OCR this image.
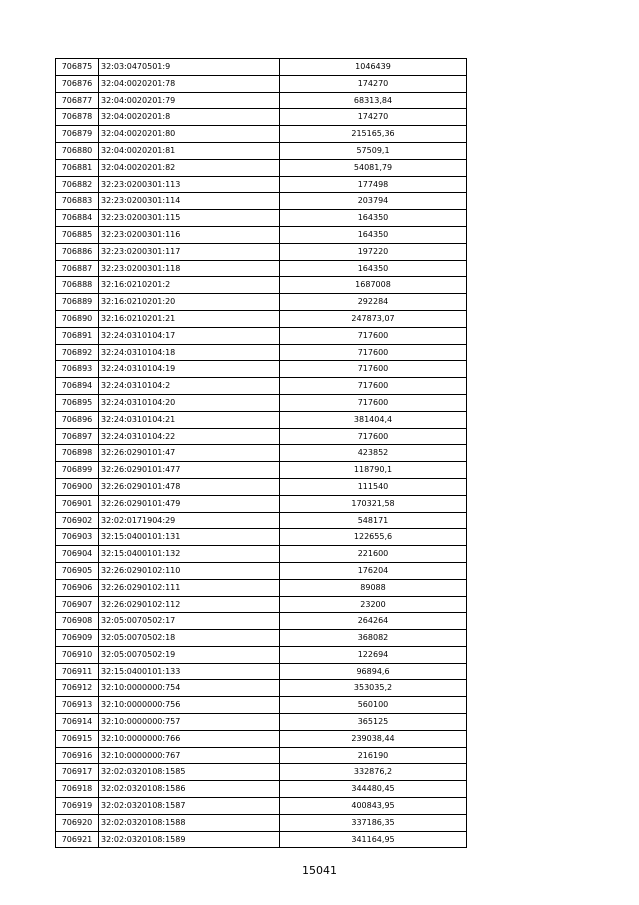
706875	32:03:0470501:9	1046439
706876	32:04:0020201:78	174270
706877	32:04:0020201:79	68313,84
706878	32:04:0020201:8	174270
706879	32:04:0020201:80	215165,36
706880	32:04:0020201:81	57509,1
706881	32:04:0020201:82	54081,79
706882	32:23:0200301:113	177498
706883	32:23:0200301:114	203794
706884	32:23:0200301:115	164350
706885	32:23:0200301:116	164350
706886	32:23:0200301:117	197220
706887	32:23:0200301:118	164350
706888	32:16:0210201:2	1687008
706889	32:16:0210201:20	292284
706890	32:16:0210201:21	247873,07
706891	32:24:0310104:17	717600
706892	32:24:0310104:18	717600
706893	32:24:0310104:19	717600
706894	32:24:0310104:2	717600
706895	32:24:0310104:20	717600
706896	32:24:0310104:21	381404,4
706897	32:24:0310104:22	717600
706898	32:26:0290101:47	423852
706899	32:26:0290101:477	118790,1
706900	32:26:0290101:478	111540
706901	32:26:0290101:479	170321,58
706902	32:02:0171904:29	548171
706903	32:15:0400101:131	122655,6
706904	32:15:0400101:132	221600
706905	32:26:0290102:110	176204
706906	32:26:0290102:111	89088
706907	32:26:0290102:112	23200
706908	32:05:0070502:17	264264
706909	32:05:0070502:18	368082
706910	32:05:0070502:19	122694
706911	32:15:0400101:133	96894,6
706912	32:10:0000000:754	353035,2
706913	32:10:0000000:756	560100
706914	32:10:0000000:757	365125
706915	32:10:0000000:766	239038,44
706916	32:10:0000000:767	216190
706917	32:02:0320108:1585	332876,2
706918	32:02:0320108:1586	344480,45
706919	32:02:0320108:1587	400843,95
706920	32:02:0320108:1588	337186,35
706921	32:02:0320108:1589	341164,95
15041
